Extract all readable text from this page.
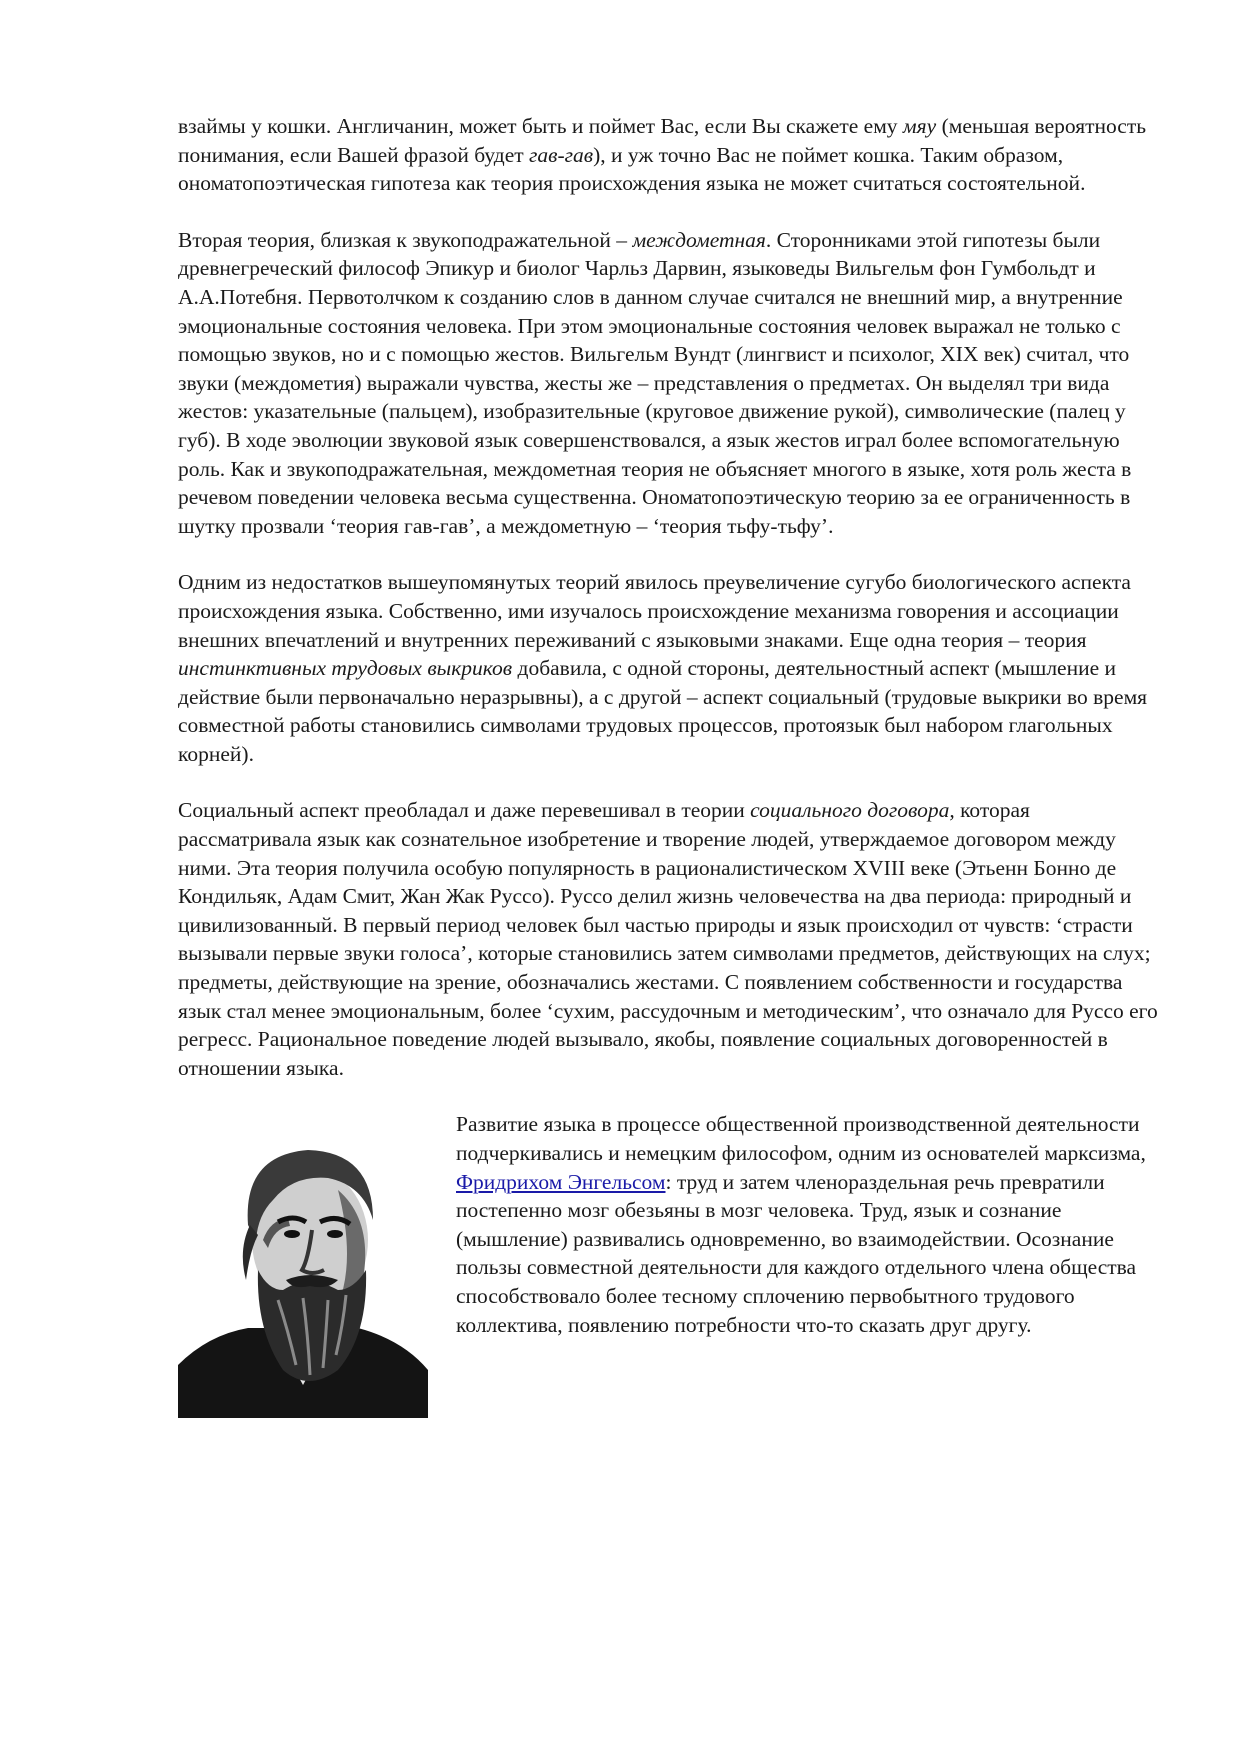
взаймы у кошки. Англичанин, может быть и поймет Вас, если Вы скажете ему мяу (меньшая вероятность понимания, если Вашей фразой будет гав-гав), и уж точно Вас не поймет кошка. Таким образом, ономатопоэтическая гипотеза как теория происхождения языка не может считаться состоятельной.

Вторая теория, близкая к звукоподражательной – междометная. Сторонниками этой гипотезы были древнегреческий философ Эпикур и биолог Чарльз Дарвин, языковеды Вильгельм фон Гумбольдт и А.А.Потебня. Первотолчком к созданию слов в данном случае считался не внешний мир, а внутренние эмоциональные состояния человека. При этом эмоциональные состояния человек выражал не только с помощью звуков, но и с помощью жестов. Вильгельм Вундт (лингвист и психолог, XIX век) считал, что звуки (междометия) выражали чувства, жесты же – представления о предметах. Он выделял три вида жестов: указательные (пальцем), изобразительные (круговое движение рукой), символические (палец у губ). В ходе эволюции звуковой язык совершенствовался, а язык жестов играл более вспомогательную роль. Как и звукоподражательная, междометная теория не объясняет многого в языке, хотя роль жеста в речевом поведении человека весьма существенна. Ономатопоэтическую теорию за ее ограниченность в шутку прозвали ‘теория гав-гав’, а междометную – ‘теория тьфу-тьфу’.

Одним из недостатков вышеупомянутых теорий явилось преувеличение сугубо биологического аспекта происхождения языка. Собственно, ими изучалось происхождение механизма говорения и ассоциации внешних впечатлений и внутренних переживаний с языковыми знаками. Еще одна теория – теория инстинктивных трудовых выкриков добавила, с одной стороны, деятельностный аспект (мышление и действие были первоначально неразрывны), а с другой – аспект социальный (трудовые выкрики во время совместной работы становились символами трудовых процессов, протоязык был набором глагольных корней).

Социальный аспект преобладал и даже перевешивал в теории социального договора, которая рассматривала язык как сознательное изобретение и творение людей, утверждаемое договором между ними. Эта теория получила особую популярность в рационалистическом XVIII веке (Этьенн Бонно де Кондильяк, Адам Смит, Жан Жак Руссо). Руссо делил жизнь человечества на два периода: природный и цивилизованный. В первый период человек был частью природы и язык происходил от чувств: ‘страсти вызывали первые звуки голоса’, которые становились затем символами предметов, действующих на слух; предметы, действующие на зрение, обозначались жестами. С появлением собственности и государства язык стал менее эмоциональным, более ‘сухим, рассудочным и методическим’, что означало для Руссо его регресс. Рациональное поведение людей вызывало, якобы, появление социальных договоренностей в отношении языка.

Развитие языка в процессе общественной производственной деятельности подчеркивались и немецким философом, одним из основателей марксизма, Фридрихом Энгельсом: труд и затем членораздельная речь превратили постепенно мозг обезьяны в мозг человека. Труд, язык и сознание (мышление) развивались одновременно, во взаимодействии. Осознание пользы совместной деятельности для каждого отдельного члена общества способствовало более тесному сплочению первобытного трудового коллектива, появлению потребности что-то сказать друг другу.
